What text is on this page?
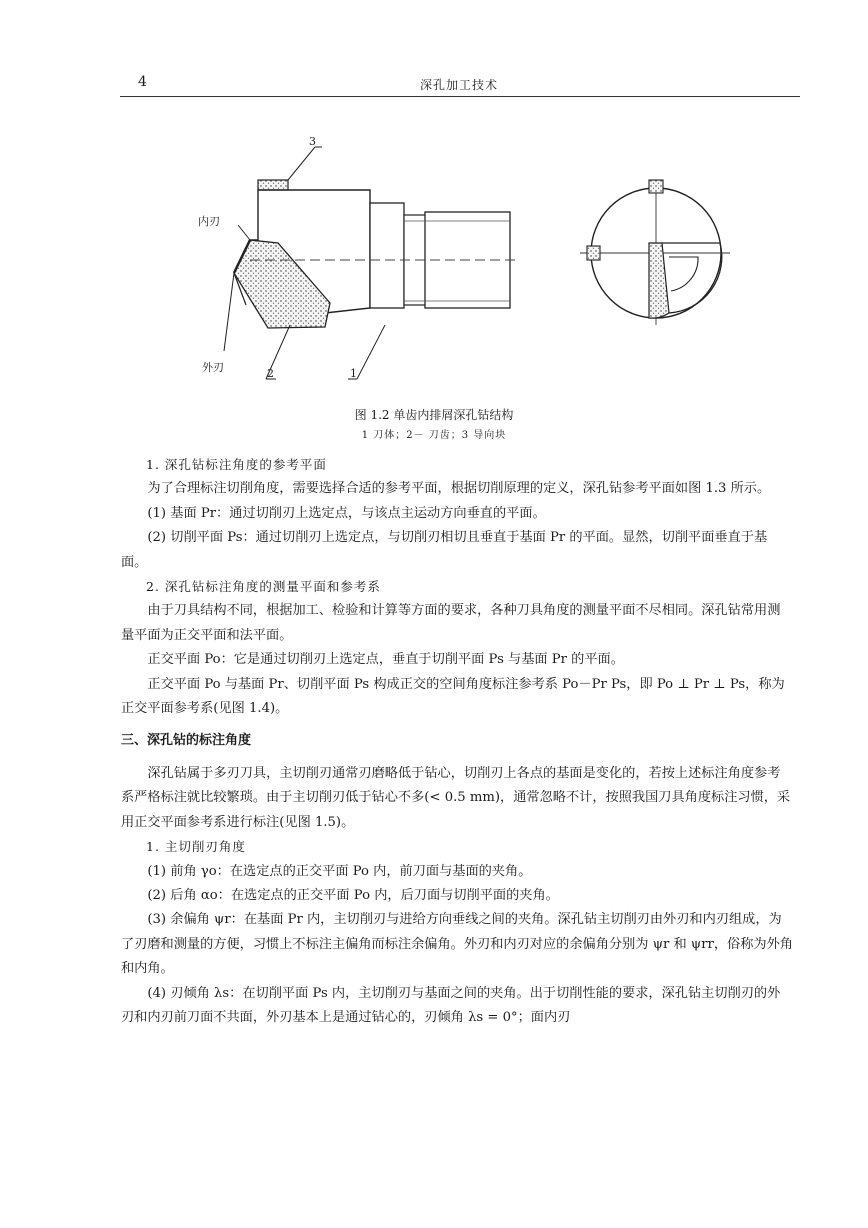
4	深孔加工技术
3
内刃
外刃	2	1
图 1.2 单齿内排屑深孔钻结构
1 刀体；2－ 刀齿；3 导向块

1. 深孔钻标注角度的参考平面

为了合理标注切削角度，需要选择合适的参考平面，根据切削原理的定义，深孔钻参考平面如图 1.3 所示。

(1) 基面 Pr：通过切削刃上选定点，与该点主运动方向垂直的平面。

(2) 切削平面 Ps：通过切削刃上选定点，与切削刃相切且垂直于基面 Pr 的平面。显然，切削平面垂直于基面。

2. 深孔钻标注角度的测量平面和参考系

由于刀具结构不同，根据加工、检验和计算等方面的要求，各种刀具角度的测量平面不尽相同。深孔钻常用测量平面为正交平面和法平面。

正交平面 Po：它是通过切削刃上选定点，垂直于切削平面 Ps 与基面 Pr 的平面。

正交平面 Po 与基面 Pr、切削平面 Ps 构成正交的空间角度标注参考系 Po－Pr Ps，即 Po ⊥ Pr ⊥ Ps，称为正交平面参考系(见图 1.4)。

三、深孔钻的标注角度

深孔钻属于多刃刀具，主切削刃通常刃磨略低于钻心，切削刃上各点的基面是变化的，若按上述标注角度参考系严格标注就比较繁琐。由于主切削刃低于钻心不多(< 0.5 mm)，通常忽略不计，按照我国刀具角度标注习惯，采用正交平面参考系进行标注(见图 1.5)。

1. 主切削刃角度

(1) 前角 γo：在选定点的正交平面 Po 内，前刀面与基面的夹角。

(2) 后角 αo：在选定点的正交平面 Po 内，后刀面与切削平面的夹角。

(3) 余偏角 ψr：在基面 Pr 内，主切削刃与进给方向垂线之间的夹角。深孔钻主切削刃由外刃和内刃组成，为了刃磨和测量的方便，习惯上不标注主偏角而标注余偏角。外刃和内刃对应的余偏角分别为 ψr 和 ψrr，俗称为外角和内角。

(4) 刃倾角 λs：在切削平面 Ps 内，主切削刃与基面之间的夹角。出于切削性能的要求，深孔钻主切削刃的外刃和内刃前刀面不共面，外刃基本上是通过钻心的，刃倾角 λs = 0°；面内刃
